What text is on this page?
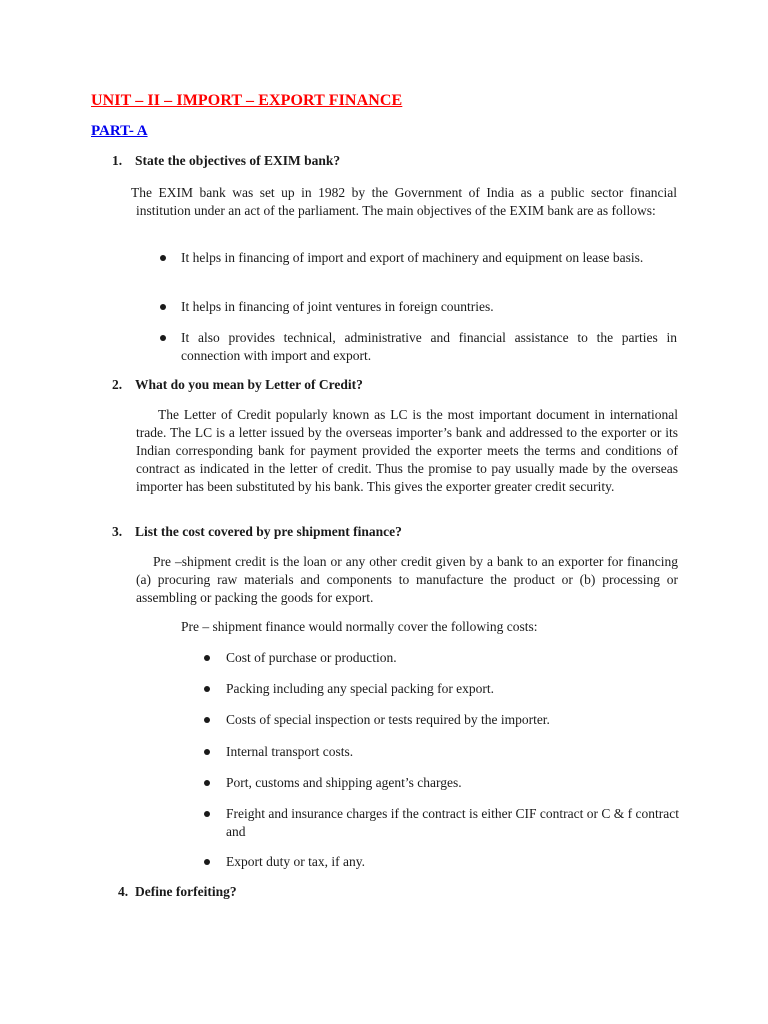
UNIT – II – IMPORT – EXPORT FINANCE
PART- A
1. State the objectives of EXIM bank?
The EXIM bank was set up in 1982 by the Government of India as a public sector financial institution under an act of the parliament. The main objectives of the EXIM bank are as follows:
It helps in financing of import and export of machinery and equipment on lease basis.
It helps in financing of joint ventures in foreign countries.
It also provides technical, administrative and financial assistance to the parties in connection with import and export.
2. What do you mean by Letter of Credit?
The Letter of Credit popularly known as LC is the most important document in international trade. The LC is a letter issued by the overseas importer’s bank and addressed to the exporter or its Indian corresponding bank for payment provided the exporter meets the terms and conditions of contract as indicated in the letter of credit. Thus the promise to pay usually made by the overseas importer has been substituted by his bank. This gives the exporter greater credit security.
3. List the cost covered by pre shipment finance?
Pre –shipment credit is the loan or any other credit given by a bank to an exporter for financing (a) procuring raw materials and components to manufacture the product or (b) processing or assembling or packing the goods for export.
Pre – shipment finance would normally cover the following costs:
Cost of purchase or production.
Packing including any special packing for export.
Costs of special inspection or tests required by the importer.
Internal transport costs.
Port, customs and shipping agent’s charges.
Freight and insurance charges if the contract is either CIF contract or C & f contract and
Export duty or tax, if any.
4. Define forfeiting?
